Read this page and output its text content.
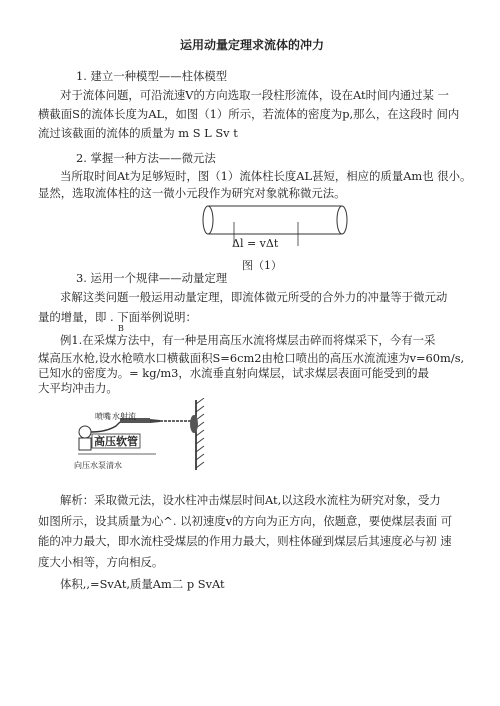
运用动量定理求流体的冲力
1. 建立一种模型——柱体模型
对于流体问题，可沿流速V的方向选取一段柱形流体，设在At时间内通过某 一
横截面S的流体长度为AL，如图（1）所示，若流体的密度为p,那么，在这段时 间内
流过该截面的流体的质量为 m S L Sv t
2. 掌握一种方法——微元法
当所取时间At为足够短时，图（1）流体柱长度AL甚短，相应的质量Am也 很小。
显然，选取流体柱的这一微小元段作为研究对象就称微元法。
Δl = vΔt
图（1）
3. 运用一个规律——动量定理
求解这类问题一般运用动量定理，即流体微元所受的合外力的冲量等于微元动
量的增量，即 . 下面举例说明：
B
例1.在采煤方法中，有一种是用高压水流将煤层击碎而将煤采下，今有一采
煤高压水枪,设水枪喷水口横截面积S=6cm2由枪口喷出的高压水流流速为v=60m/s,
已知水的密度为。= kg/m3，水流垂直射向煤层，试求煤层表面可能受到的最
大平均冲击力。
喷嘴 水射流
高压软管
向压水泵清水
解析：采取微元法，设水柱冲击煤层时间At,以这段水流柱为研究对象，受力
如图所示，设其质量为心^. 以初速度v的方向为正方向，依题意，要使煤层表面 可
能的冲力最大，即水流柱受煤层的作用力最大，则柱体碰到煤层后其速度必与初 速
度大小相等，方向相反。
体积,,=SvAt,质量Am二 p SvAt
